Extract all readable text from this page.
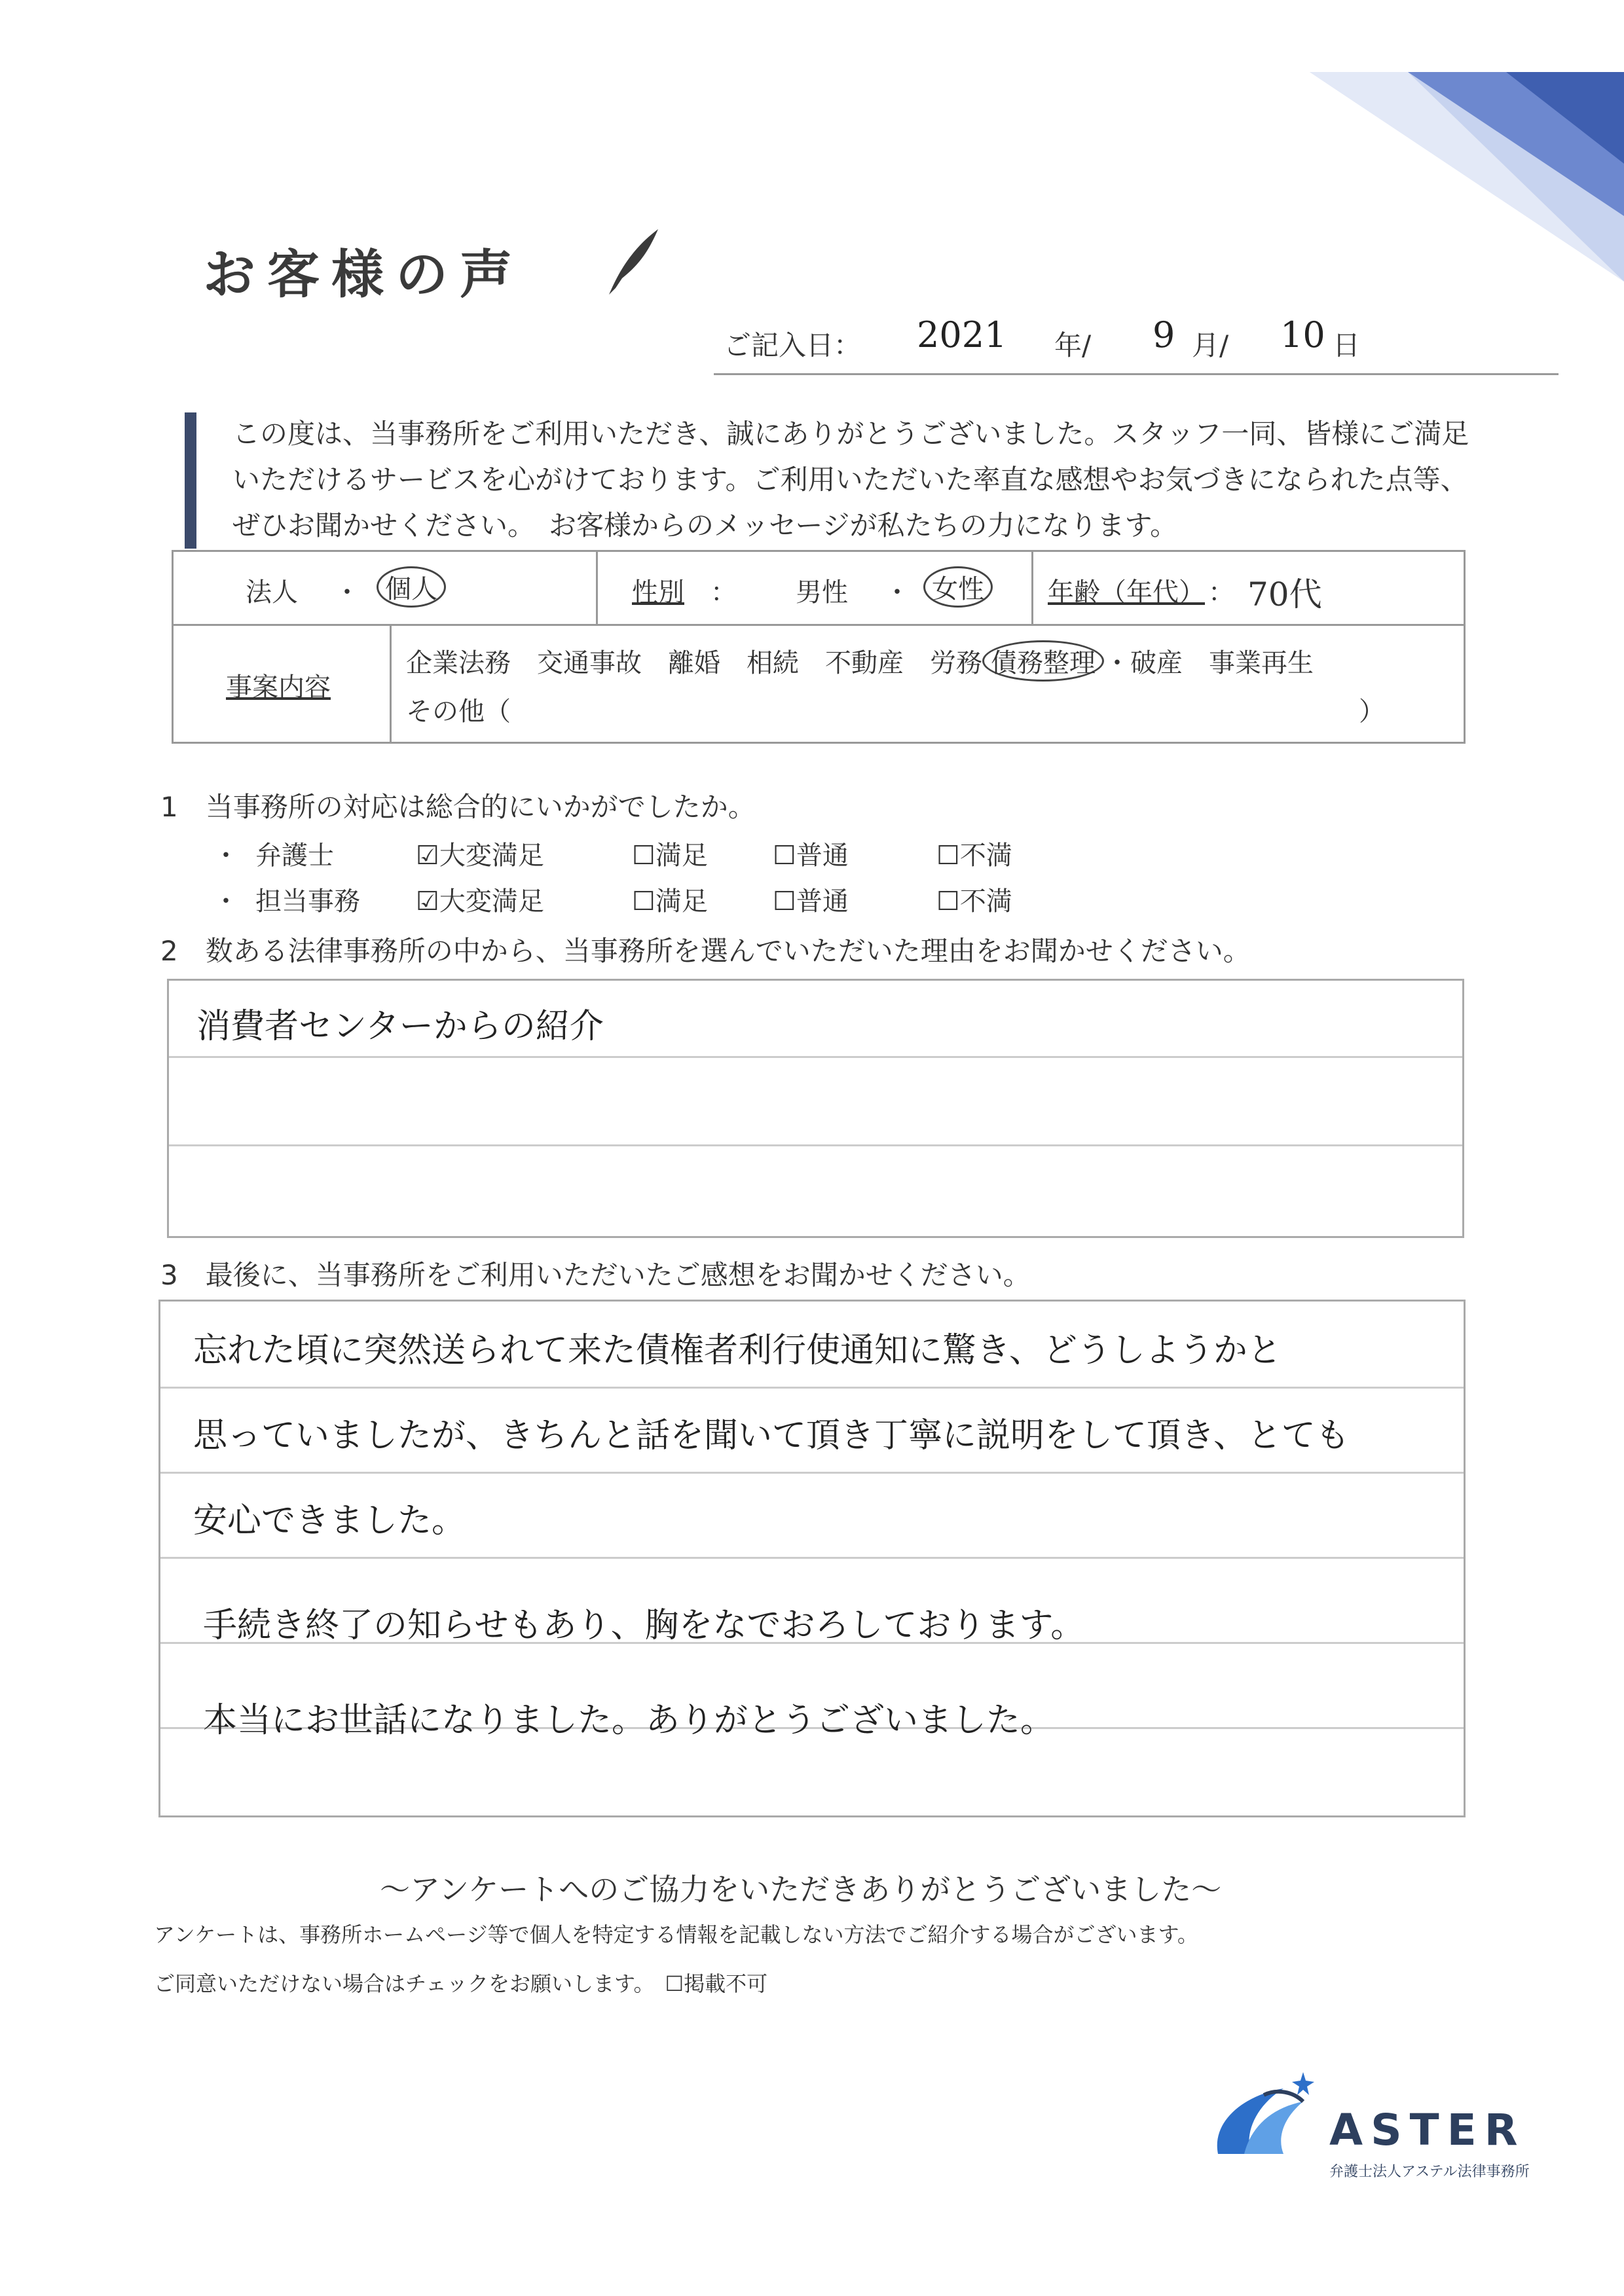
お客様の声
ご記入日： 2021 年/ 9 月/ 10 日
この度は、当事務所をご利用いただき、誠にありがとうございました。スタッフ一同、皆様にご満足
いただけるサービスを心がけております。ご利用いただいた率直な感想やお気づきになられた点等、
ぜひお聞かせください。　お客様からのメッセージが私たちの力になります。
法人 ・ 個人	性別 ： 男性 ・ 女性	年齢（年代） ： 70代
事案内容
企業法務　交通事故　離婚　相続　不動産　労務 債務整理 ・破産　事業再生
その他（	）
1　当事務所の対応は総合的にいかがでしたか。
・ 弁護士	☑大変満足	☐満足 ☐普通	☐不満
・ 担当事務 ☑大変満足	☐満足 ☐普通	☐不満
2　数ある法律事務所の中から、当事務所を選んでいただいた理由をお聞かせください。
消費者センターからの紹介
3　最後に、当事務所をご利用いただいたご感想をお聞かせください。
忘れた頃に突然送られて来た債権者利行使通知に驚き、どうしようかと
思っていましたが、きちんと話を聞いて頂き丁寧に説明をして頂き、とても
安心できました。
手続き終了の知らせもあり、胸をなでおろしております。
本当にお世話になりました。ありがとうございました。
〜アンケートへのご協力をいただきありがとうございました〜
アンケートは、事務所ホームページ等で個人を特定する情報を記載しない方法でご紹介する場合がございます。
ご同意いただけない場合はチェックをお願いします。　☐掲載不可
ASTER
弁護士法人アステル法律事務所
